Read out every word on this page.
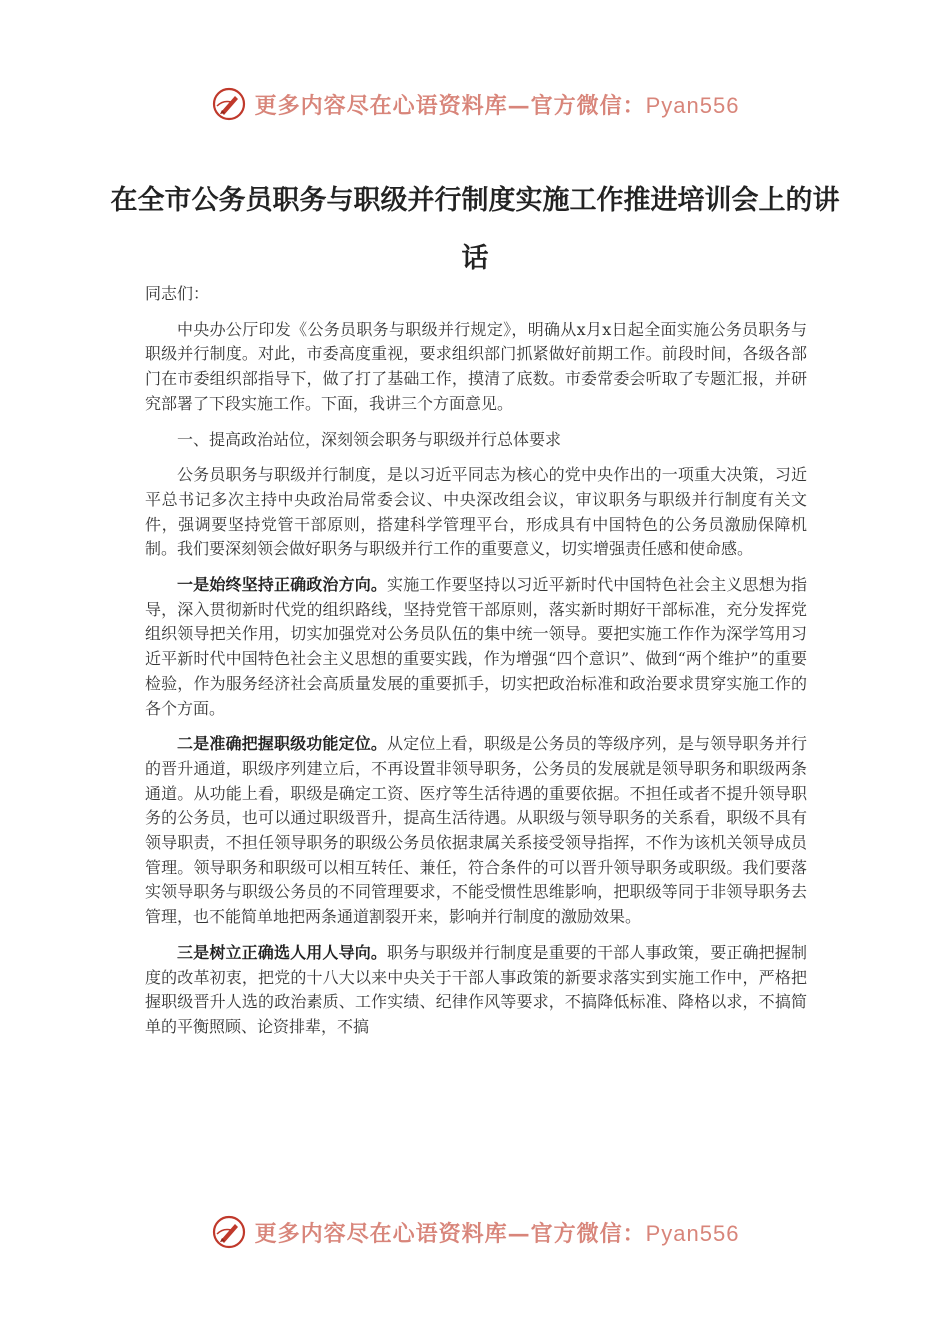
更多内容尽在心语资料库—官方微信：Pyan556
在全市公务员职务与职级并行制度实施工作推进培训会上的讲话

同志们：

中央办公厅印发《公务员职务与职级并行规定》，明确从x月x日起全面实施公务员职务与职级并行制度。对此，市委高度重视，要求组织部门抓紧做好前期工作。前段时间，各级各部门在市委组织部指导下，做了打了基础工作，摸清了底数。市委常委会听取了专题汇报，并研究部署了下段实施工作。下面，我讲三个方面意见。

一、提高政治站位，深刻领会职务与职级并行总体要求

公务员职务与职级并行制度，是以习近平同志为核心的党中央作出的一项重大决策，习近平总书记多次主持中央政治局常委会议、中央深改组会议，审议职务与职级并行制度有关文件，强调要坚持党管干部原则，搭建科学管理平台，形成具有中国特色的公务员激励保障机制。我们要深刻领会做好职务与职级并行工作的重要意义，切实增强责任感和使命感。

一是始终坚持正确政治方向。实施工作要坚持以习近平新时代中国特色社会主义思想为指导，深入贯彻新时代党的组织路线，坚持党管干部原则，落实新时期好干部标准，充分发挥党组织领导把关作用，切实加强党对公务员队伍的集中统一领导。要把实施工作作为深学笃用习近平新时代中国特色社会主义思想的重要实践，作为增强“四个意识”、做到“两个维护”的重要检验，作为服务经济社会高质量发展的重要抓手，切实把政治标准和政治要求贯穿实施工作的各个方面。

二是准确把握职级功能定位。从定位上看，职级是公务员的等级序列，是与领导职务并行的晋升通道，职级序列建立后，不再设置非领导职务，公务员的发展就是领导职务和职级两条通道。从功能上看，职级是确定工资、医疗等生活待遇的重要依据。不担任或者不提升领导职务的公务员，也可以通过职级晋升，提高生活待遇。从职级与领导职务的关系看，职级不具有领导职责，不担任领导职务的职级公务员依据隶属关系接受领导指挥，不作为该机关领导成员管理。领导职务和职级可以相互转任、兼任，符合条件的可以晋升领导职务或职级。我们要落实领导职务与职级公务员的不同管理要求，不能受惯性思维影响，把职级等同于非领导职务去管理，也不能简单地把两条通道割裂开来，影响并行制度的激励效果。

三是树立正确选人用人导向。职务与职级并行制度是重要的干部人事政策，要正确把握制度的改革初衷，把党的十八大以来中央关于干部人事政策的新要求落实到实施工作中，严格把握职级晋升人选的政治素质、工作实绩、纪律作风等要求，不搞降低标准、降格以求，不搞简单的平衡照顾、论资排辈，不搞

更多内容尽在心语资料库—官方微信：Pyan556
